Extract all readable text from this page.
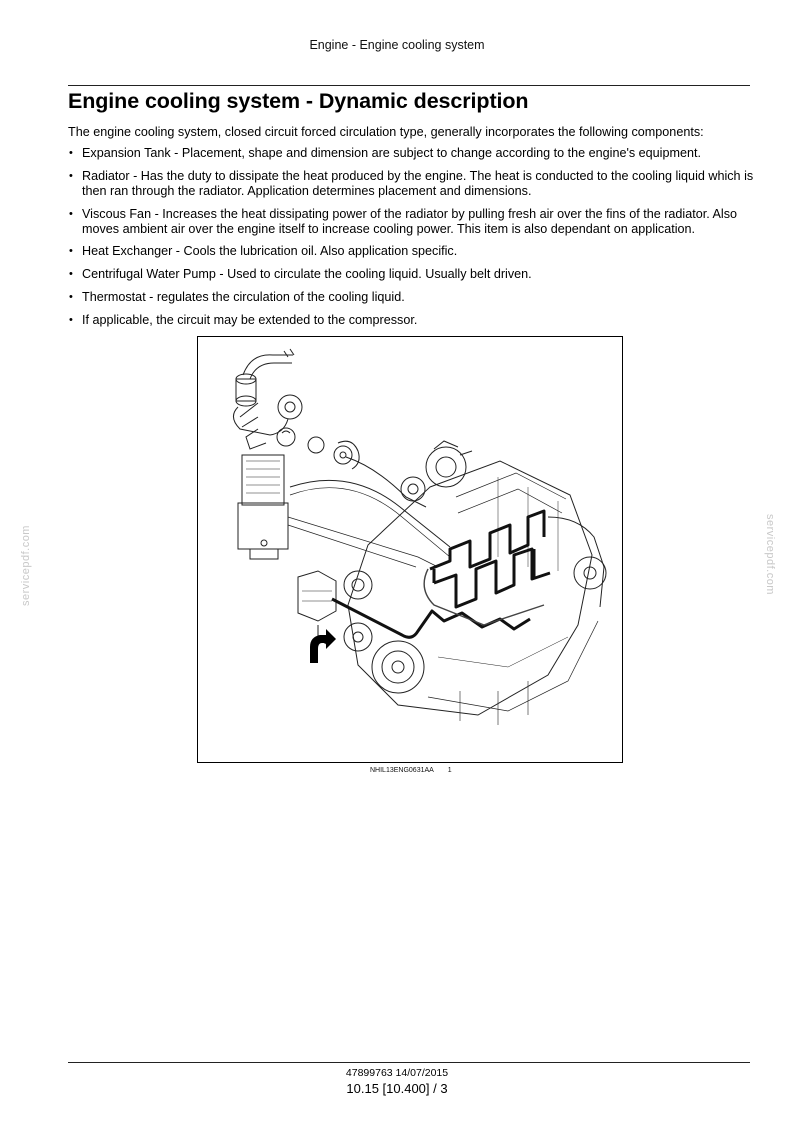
Engine - Engine cooling system
Engine cooling system - Dynamic description
The engine cooling system, closed circuit forced circulation type, generally incorporates the following components:
• Expansion Tank - Placement, shape and dimension are subject to change according to the engine's equipment.
• Radiator - Has the duty to dissipate the heat produced by the engine. The heat is conducted to the cooling liquid which is then ran through the radiator. Application determines placement and dimensions.
• Viscous Fan - Increases the heat dissipating power of the radiator by pulling fresh air over the fins of the radiator. Also moves ambient air over the engine itself to increase cooling power. This item is also dependant on application.
• Heat Exchanger - Cools the lubrication oil. Also application specific.
• Centrifugal Water Pump - Used to circulate the cooling liquid. Usually belt driven.
• Thermostat - regulates the circulation of the cooling liquid.
• If applicable, the circuit may be extended to the compressor.
NHIL13ENG0631AA 1
servicepdf.com	servicepdf.com
47899763 14/07/2015
10.15 [10.400] / 3
